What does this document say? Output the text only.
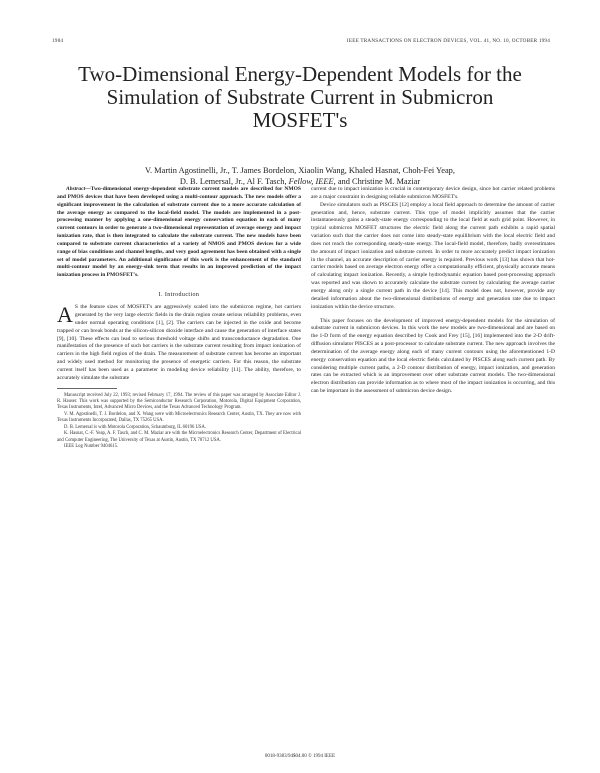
1984	IEEE TRANSACTIONS ON ELECTRON DEVICES, VOL. 41, NO. 10, OCTOBER 1994
Two-Dimensional Energy-Dependent Models for the Simulation of Substrate Current in Submicron MOSFET's
V. Martin Agostinelli, Jr., T. James Bordelon, Xiaolin Wang, Khaled Hasnat, Choh-Fei Yeap,
D. B. Lemersal, Jr., Al F. Tasch, Fellow, IEEE, and Christine M. Maziar

Abstract—Two-dimensional energy-dependent substrate current models are described for NMOS and PMOS devices that have been developed using a multi-contour approach. The new models offer a significant improvement in the calculation of substrate current due to a more accurate calculation of the average energy as compared to the local-field model. The models are implemented in a post-processing manner by applying a one-dimensional energy conservation equation in each of many current contours in order to generate a two-dimensional representation of average energy and impact ionization rate, that is then integrated to calculate the substrate current. The new models have been compared to substrate current characteristics of a variety of NMOS and PMOS devices for a wide range of bias conditions and channel lengths, and very good agreement has been obtained with a single set of model parameters. An additional significance of this work is the enhancement of the standard multi-contour model by an energy-sink term that results in an improved prediction of the impact ionization process in PMOSFET's.

I. Introduction

A S the feature sizes of MOSFET's are aggressively scaled into the submicron regime, hot carriers generated by the very large electric fields in the drain region create serious reliability problems, even under normal operating conditions [1], [2]. The carriers can be injected in the oxide and become trapped or can break bonds at the silicon-silicon dioxide interface and cause the generation of interface states [9], [10]. These effects can lead to serious threshold voltage shifts and transconductance degradation. One manifestation of the presence of such hot carriers is the substrate current resulting from impact ionization of carriers in the high field region of the drain. The measurement of substrate current has become an important and widely used method for monitoring the presence of energetic carriers. For this reason, the substrate current itself has been used as a parameter in modeling device reliability [11]. The ability, therefore, to accurately simulate the substrate

Manuscript received July 22, 1993; revised February 17, 1994. The review of this paper was arranged by Associate Editor J. R. Hauser. This work was supported by the Semiconductor Research Corporation, Motorola, Digital Equipment Corporation, Texas Instruments, Intel, Advanced Micro Devices, and the Texas Advanced Technology Program.

V. M. Agostinelli, T. J. Bordelon, and X. Wang were with Microelectronics Research Center, Austin, TX. They are now with Texas Instruments Incorporated, Dallas, TX 75265 USA.

D. B. Lemersal is with Motorola Corporation, Schaumburg, IL 60196 USA.

K. Hasnat, C.-F. Yeap, A. F. Tasch, and C. M. Maziar are with the Microelectronics Research Center, Department of Electrical and Computer Engineering, The University of Texas at Austin, Austin, TX 78712 USA.

IEEE Log Number 9404615.

current due to impact ionization is crucial in contemporary device design, since hot carrier related problems are a major constraint in designing reliable submicron MOSFET's.

Device simulators such as PISCES [12] employ a local field approach to determine the amount of carrier generation and, hence, substrate current. This type of model implicitly assumes that the carrier instantaneously gains a steady-state energy corresponding to the local field at each grid point. However, in typical submicron MOSFET structures the electric field along the current path exhibits a rapid spatial variation such that the carrier does not come into steady-state equilibrium with the local electric field and does not reach the corresponding steady-state energy. The local-field model, therefore, badly overestimates the amount of impact ionization and substrate current. In order to more accurately predict impact ionization in the channel, an accurate description of carrier energy is required. Previous work [13] has shown that hot-carrier models based on average electron energy offer a computationally efficient, physically accurate means of calculating impact ionization. Recently, a simple hydrodynamic equation based post-processing approach was reported and was shown to accurately calculate the substrate current by calculating the average carrier energy along only a single current path in the device [14]. This model does not, however, provide any detailed information about the two-dimensional distributions of energy and generation rate due to impact ionization within the device structure.

This paper focuses on the development of improved energy-dependent models for the simulation of substrate current in submicron devices. In this work the new models are two-dimensional and are based on the 1-D form of the energy equation described by Cook and Frey [15], [16] implemented into the 2-D drift-diffusion simulator PISCES as a post-processor to calculate substrate current. The new approach involves the determination of the average energy along each of many current contours using the aforementioned 1-D energy conservation equation and the local electric fields calculated by PISCES along each current path. By considering multiple current paths, a 2-D contour distribution of energy, impact ionization, and generation rates can be extracted which is an improvement over other substrate current models. The two-dimensional electron distribution can provide information as to where most of the impact ionization is occurring, and this can be important in the assessment of submicron device design.

0018-9383/94$04.00 © 1994 IEEE
